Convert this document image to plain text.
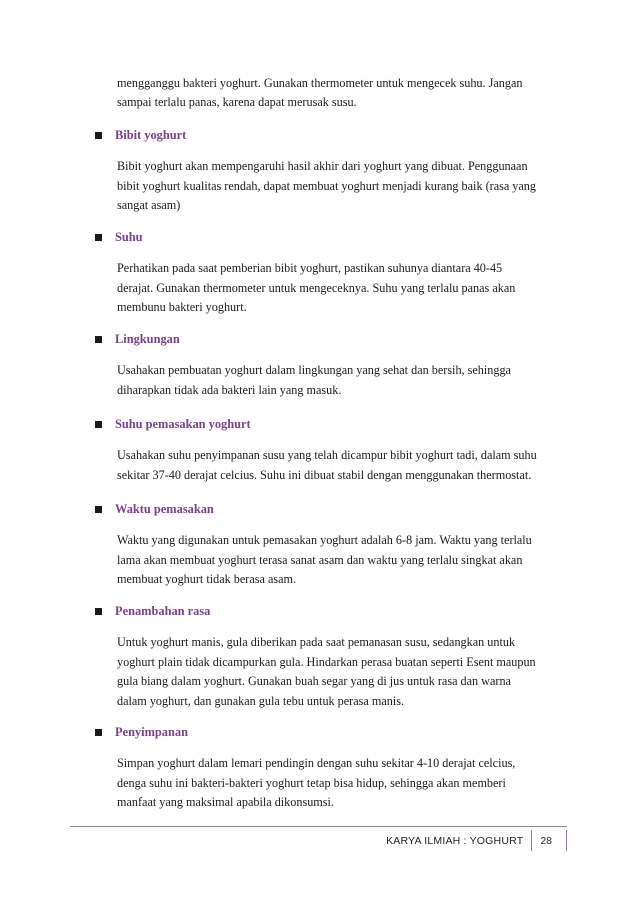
mengganggu bakteri yoghurt. Gunakan thermometer untuk mengecek suhu. Jangan
sampai terlalu panas, karena dapat merusak susu.
Bibit yoghurt
Bibit yoghurt akan mempengaruhi hasil akhir dari yoghurt yang dibuat. Penggunaan
bibit yoghurt kualitas rendah, dapat membuat yoghurt menjadi kurang baik (rasa yang
sangat asam)
Suhu
Perhatikan pada saat pemberian bibit yoghurt, pastikan suhunya diantara 40-45
derajat. Gunakan thermometer untuk mengeceknya. Suhu yang terlalu panas akan
membunu bakteri yoghurt.
Lingkungan
Usahakan pembuatan yoghurt dalam lingkungan yang sehat dan bersih, sehingga
diharapkan tidak ada bakteri lain yang masuk.
Suhu pemasakan yoghurt
Usahakan suhu penyimpanan susu yang telah dicampur bibit yoghurt tadi, dalam suhu
sekitar 37-40 derajat celcius. Suhu ini dibuat stabil dengan menggunakan thermostat.
Waktu pemasakan
Waktu yang digunakan untuk pemasakan yoghurt adalah 6-8 jam. Waktu yang terlalu
lama akan membuat yoghurt terasa sanat asam dan waktu yang terlalu singkat akan
membuat yoghurt tidak berasa asam.
Penambahan rasa
Untuk yoghurt manis, gula diberikan pada saat pemanasan susu, sedangkan untuk
yoghurt plain tidak dicampurkan gula. Hindarkan perasa buatan seperti Esent maupun
gula biang dalam yoghurt. Gunakan buah segar yang di jus untuk rasa dan warna
dalam yoghurt, dan gunakan gula tebu untuk perasa manis.
Penyimpanan
Simpan yoghurt dalam lemari pendingin dengan suhu sekitar 4-10 derajat celcius,
denga suhu ini bakteri-bakteri yoghurt tetap bisa hidup, sehingga akan memberi
manfaat yang maksimal apabila dikonsumsi.
KARYA ILMIAH : YOGHURT	28
